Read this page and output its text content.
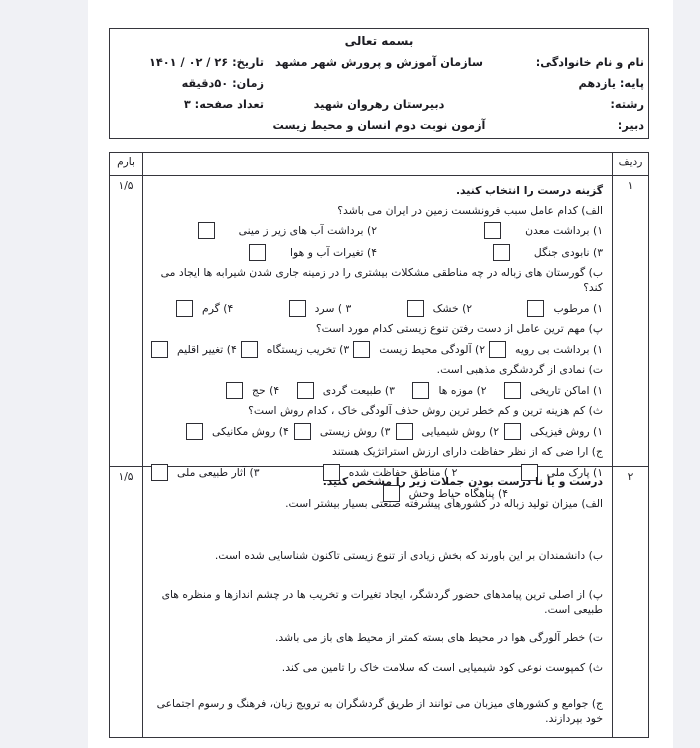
بسمه تعالی
نام و نام خانوادگی:
سازمان آموزش و پرورش شهر مشهد
تاریخ: ۲۶ / ۰۲ / ۱۴۰۱
پایه: یازدهم
زمان: ۵۰دقیقه
رشته:
دبیرستان رهروان شهید
تعداد صفحه: ۳
دبیر:
آزمون نوبت دوم انسان و محیط زیست
ردیف
بارم
۱

گزینه درست را انتخاب کنید.

الف) کدام عامل سبب فرونشست زمین در ایران می باشد؟

۱) برداشت معدن
۲) برداشت آب های زیر ز مینی
۳) نابودی جنگل
۴) تغیرات آب و هوا

ب) گورستان های زباله در چه مناطقی مشکلات بیشتری را در زمینه جاری شدن شیرابه ها ایجاد می کند؟

۱) مرطوب
۲) خشک
۳ ) سرد
۴) گرم

پ) مهم ترین عامل از دست رفتن تنوع زیستی کدام مورد است؟

۱) برداشت بی رویه
۲) آلودگی محیط زیست
۳) تخریب زیستگاه
۴) تغییر اقلیم

ت) نمادی از گردشگری مذهبی است.

۱) اماکن تاریخی
۲) موزه ها
۳) طبیعت گردی
۴) حج

ث) کم هزینه ترین و کم خطر ترین روش حذف آلودگی خاک ، کدام روش است؟

۱) روش فیزیکی
۲) روش شیمیایی
۳) روش زیستی
۴) روش مکانیکی

ج) ارا ضی که از نظر حفاظت دارای ارزش استراتژیک هستند

۱) پارک ملی
۲ ) مناطق حفاظت شده
۳) آثار طبیعی ملی
۴) پناهگاه حیاط وحش
۱/۵
۲

درست و یا نا درست بودن جملات زیر را مشخص کنید.

الف) میزان تولید زباله در کشورهای پیشرفته صنعتی بسیار بیشتر است.

ب) دانشمندان بر این باورند که بخش زیادی از تنوع زیستی تاکنون شناسایی شده است.

پ) از اصلی ترین پیامدهای حضور گردشگر، ایجاد تغیرات و تخریب ها در چشم اندازها و منظره های طبیعی است.

ت) خطر آلورگی هوا در محیط های بسته کمتر از محیط های باز می باشد.

ث) کمپوست نوعی کود شیمیایی است که سلامت خاک را تامین می کند.

ج) جوامع و کشورهای میزبان می توانند از طریق گردشگران به ترویج زبان، فرهنگ و رسوم اجتماعی خود بپردازند.

۱/۵
